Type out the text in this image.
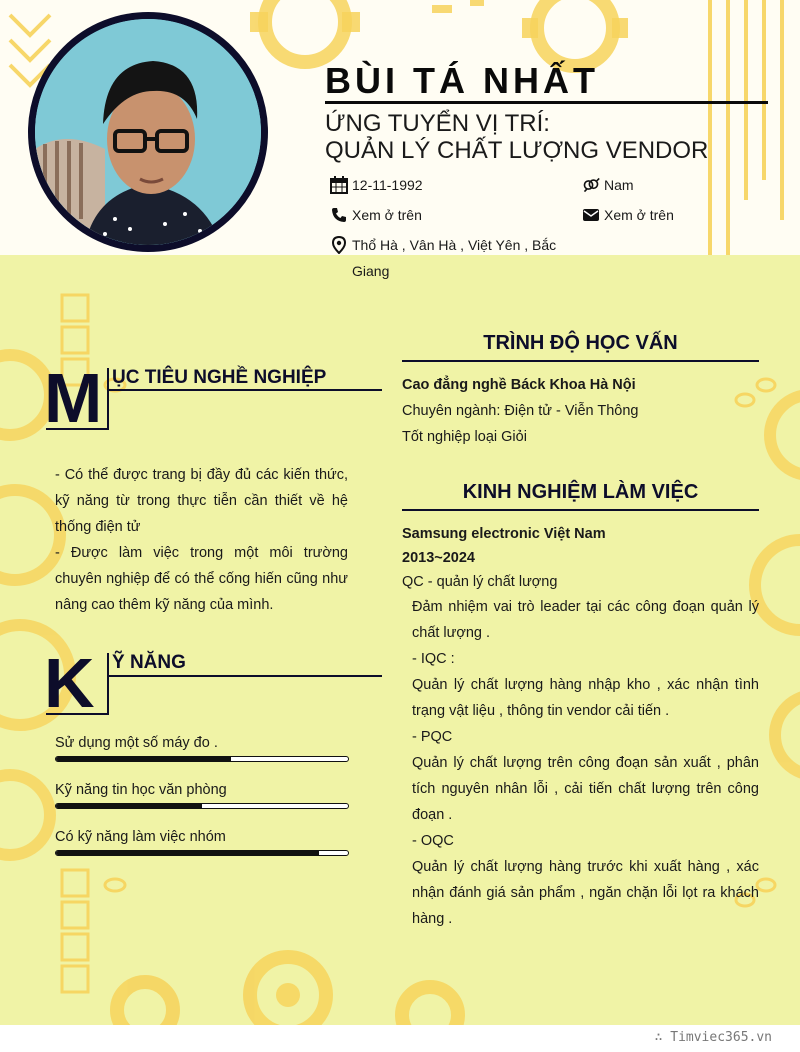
BÙI TÁ NHẤT
ỨNG TUYỂN VỊ TRÍ:
QUẢN LÝ CHẤT LƯỢNG VENDOR
12-11-1992	Nam
Xem ở trên	Xem ở trên
Thổ Hà , Vân Hà , Việt Yên , Bắc Giang
M ỤC TIÊU NGHỀ NGHIỆP
- Có thể được trang bị đầy đủ các kiến thức, kỹ năng từ trong thực tiễn cần thiết về hệ thống điện tử
- Được làm việc trong một môi trường chuyên nghiệp để có thể cống hiến cũng như nâng cao thêm kỹ năng của mình.
K Ỹ NĂNG
Sử dụng một số máy đo .
Kỹ năng tin học văn phòng
Có kỹ năng làm việc nhóm
TRÌNH ĐỘ HỌC VẤN
Cao đẳng nghề Báck Khoa Hà Nội
Chuyên ngành: Điện tử - Viễn Thông
Tốt nghiệp loại Giỏi
KINH NGHIỆM LÀM VIỆC
Samsung electronic Việt Nam
2013~2024
QC - quản lý chất lượng
Đảm nhiệm vai trò leader tại các công đoạn quản lý chất lượng .
- IQC :
Quản lý chất lượng hàng nhập kho , xác nhận tình trạng vật liệu , thông tin vendor cải tiến .
- PQC
Quản lý chất lượng trên công đoạn sản xuất , phân tích nguyên nhân lỗi , cải tiến chất lượng trên công đoạn .
- OQC
Quản lý chất lượng hàng trước khi xuất hàng , xác nhận đánh giá sản phẩm , ngăn chặn lỗi lọt ra khách hàng .
∴ Timviec365.vn
